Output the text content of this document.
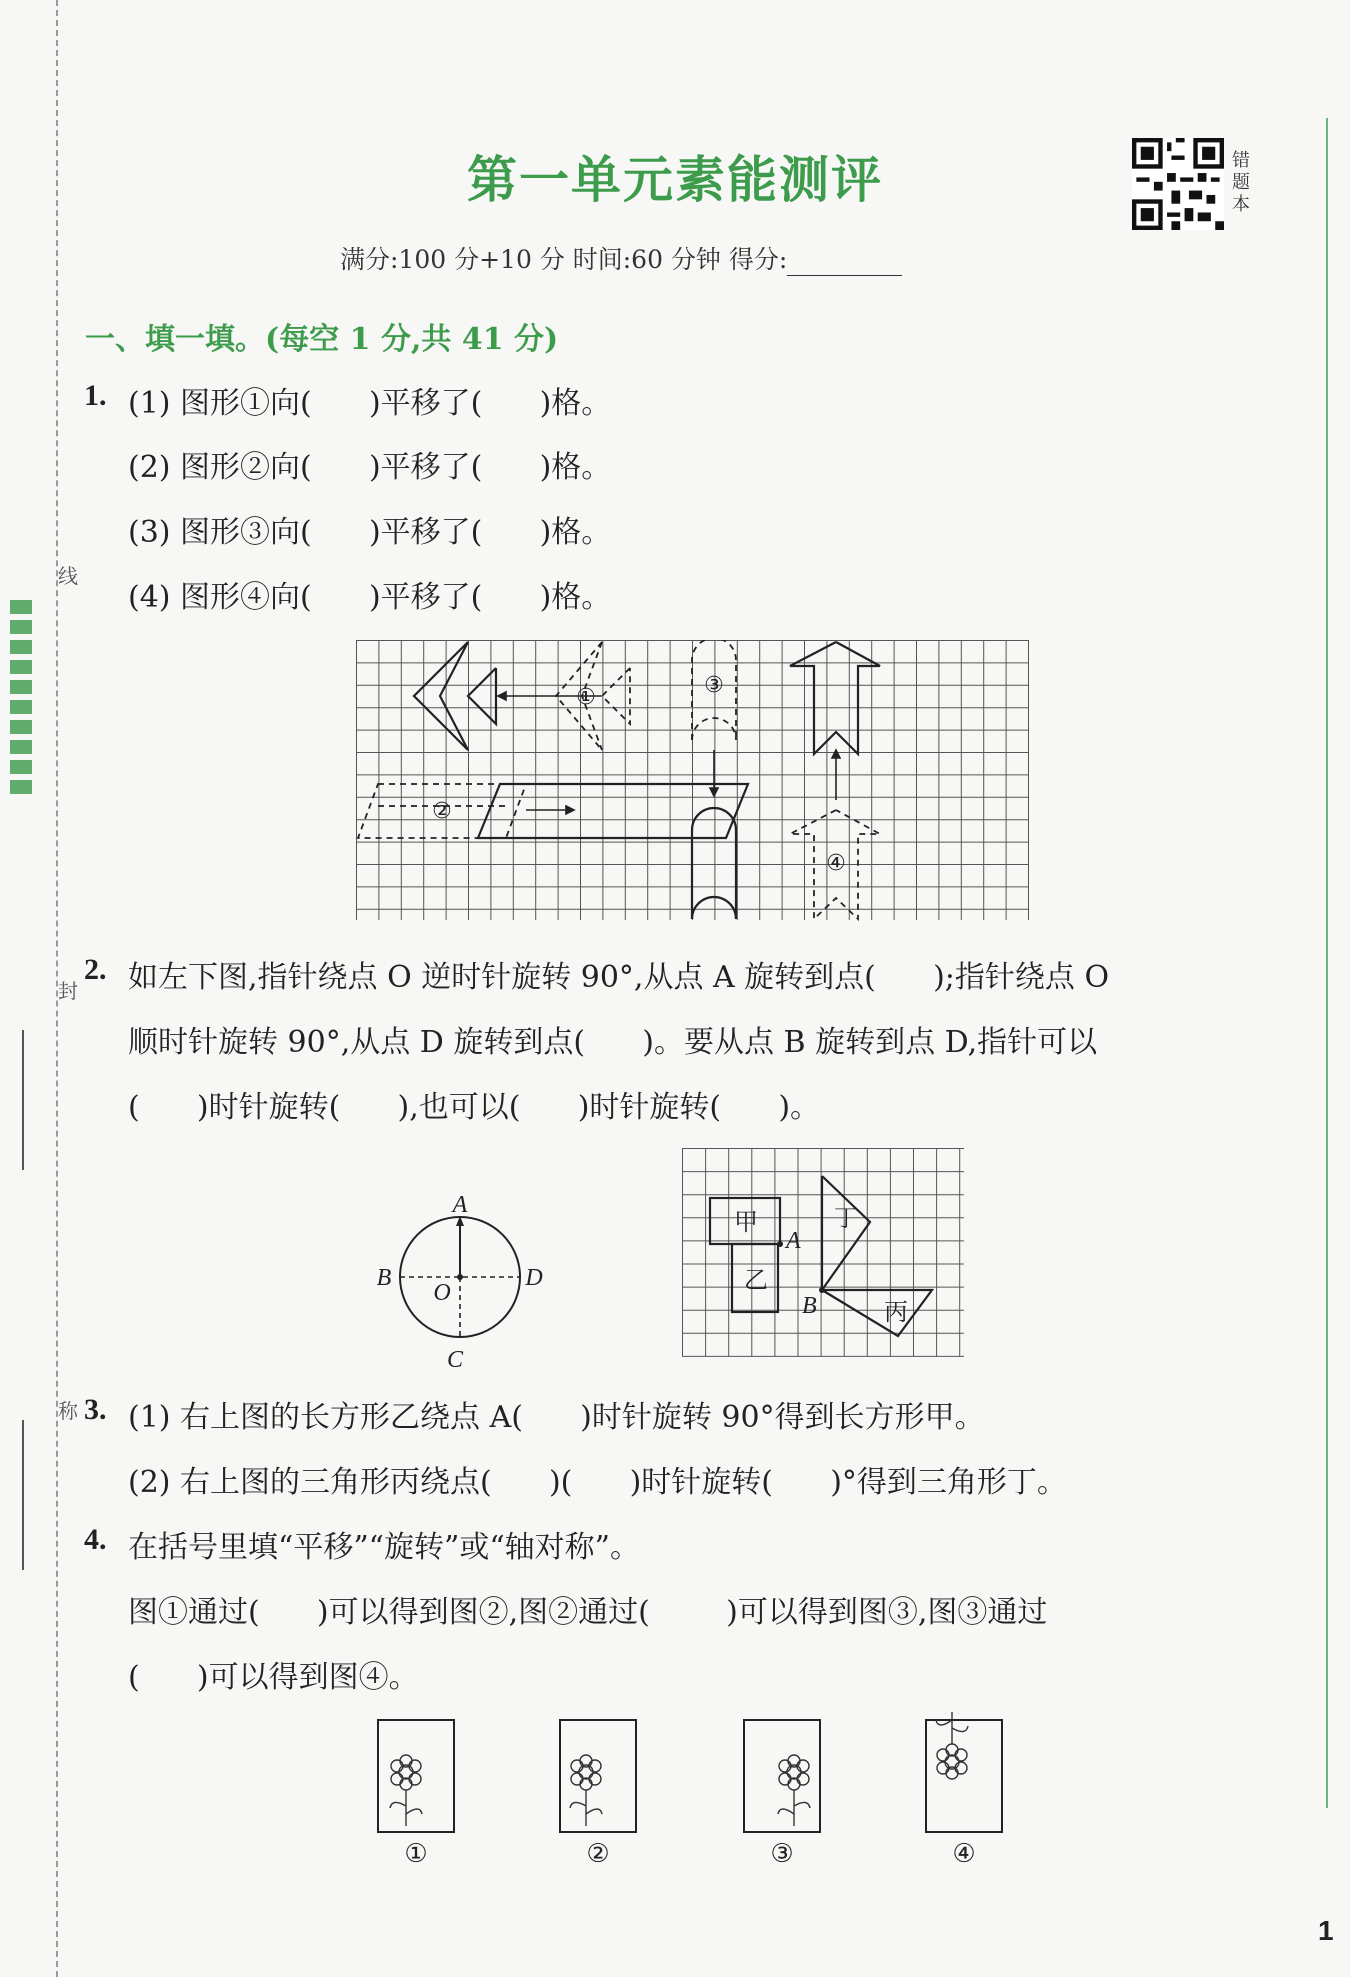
线
封
称
第一单元素能测评	错题本
满分:100 分+10 分 时间:60 分钟 得分:
一、填一填。(每空 1 分,共 41 分)
1. (1) 图形①向(      )平移了(      )格。
(2) 图形②向(      )平移了(      )格。
(3) 图形③向(      )平移了(      )格。
(4) 图形④向(      )平移了(      )格。
①
②
③
④
2. 如左下图,指针绕点 O 逆时针旋转 90°,从点 A 旋转到点(      );指针绕点 O
顺时针旋转 90°,从点 D 旋转到点(      )。要从点 B 旋转到点 D,指针可以
(      )时针旋转(      ),也可以(      )时针旋转(      )。
A
B	D
C
O
甲
乙
丁
丙
A
B
3. (1) 右上图的长方形乙绕点 A(      )时针旋转 90°得到长方形甲。
(2) 右上图的三角形丙绕点(      )(      )时针旋转(      )°得到三角形丁。
4. 在括号里填“平移”“旋转”或“轴对称”。
图①通过(      )可以得到图②,图②通过(        )可以得到图③,图③通过
(      )可以得到图④。
①	②	③	④
1
